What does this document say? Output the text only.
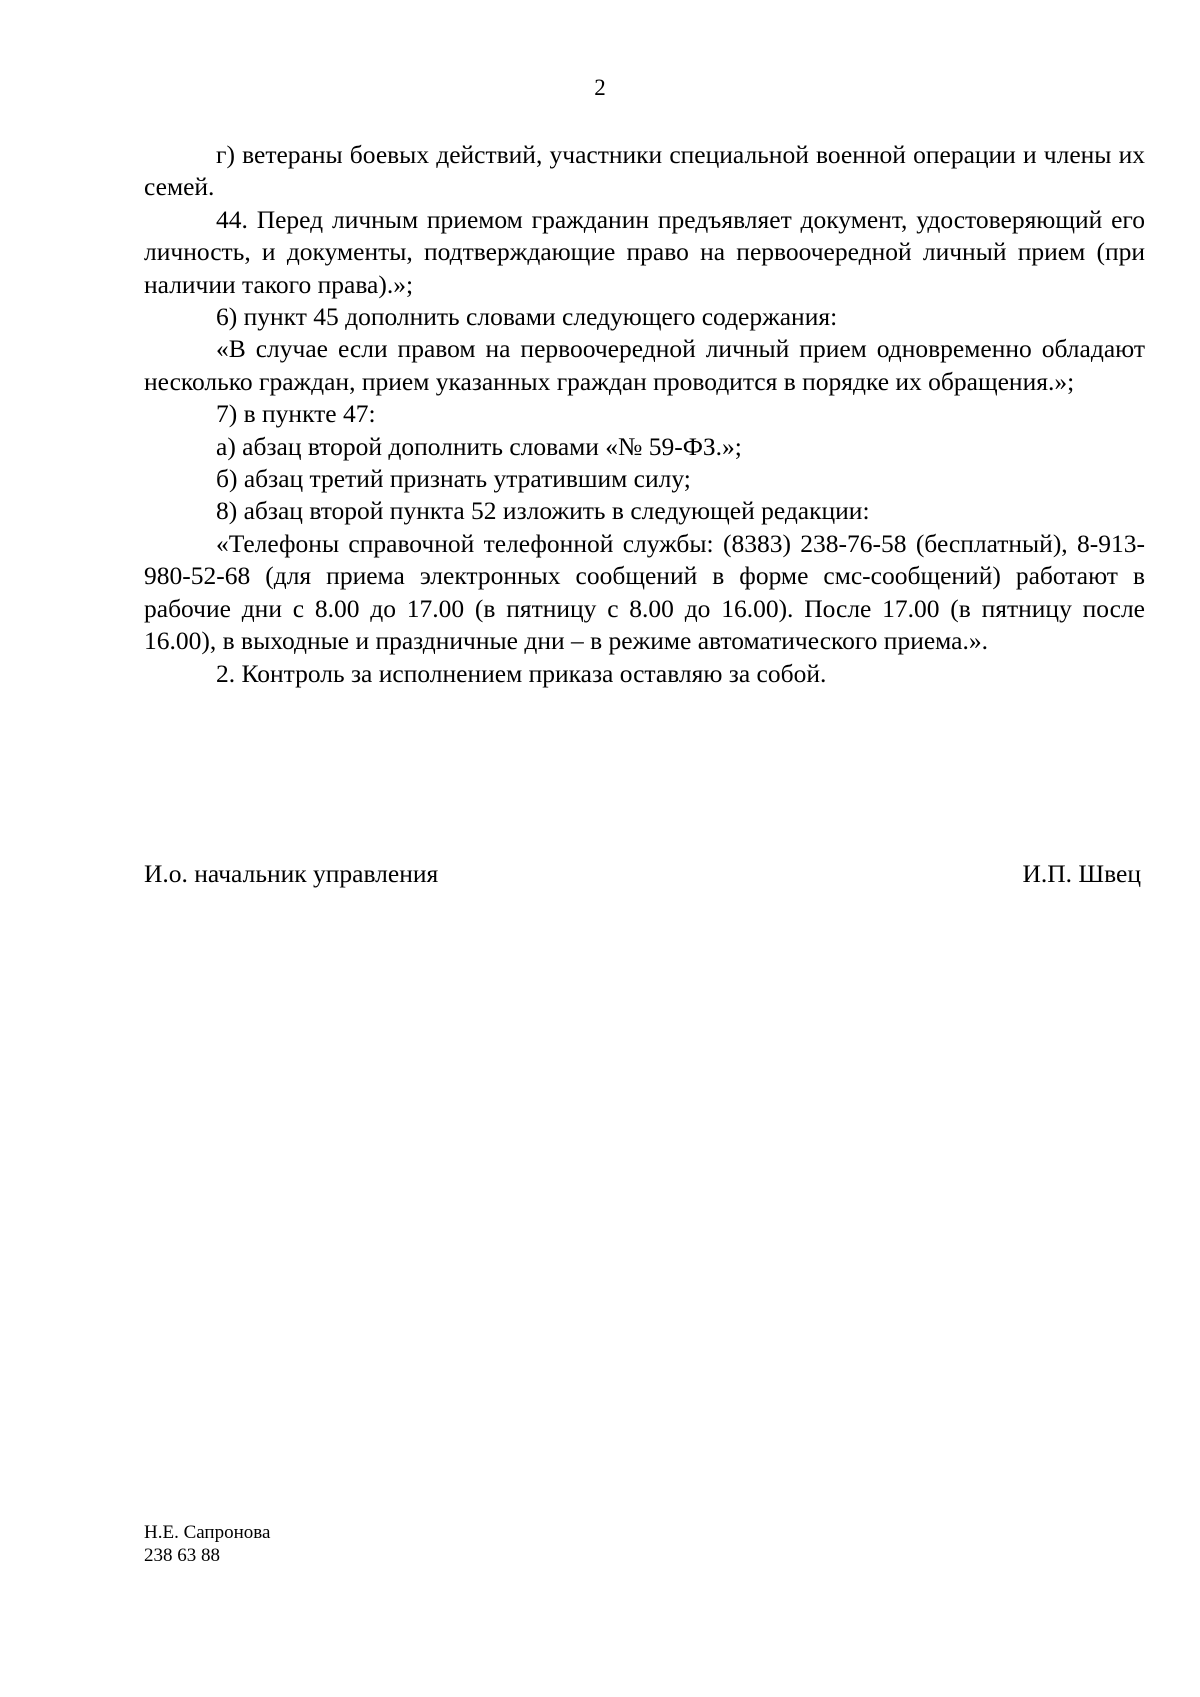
2

г) ветераны боевых действий, участники специальной военной операции и члены их семей.

44. Перед личным приемом гражданин предъявляет документ, удостоверяющий его личность, и документы, подтверждающие право на первоочередной личный прием (при наличии такого права).»;

6) пункт 45 дополнить словами следующего содержания:

«В случае если правом на первоочередной личный прием одновременно обладают несколько граждан, прием указанных граждан проводится в порядке их обращения.»;

7) в пункте 47:

а) абзац второй дополнить словами «№ 59-ФЗ.»;

б) абзац третий признать утратившим силу;

8) абзац второй пункта 52 изложить в следующей редакции:

«Телефоны справочной телефонной службы: (8383) 238-76-58 (бесплатный), 8-913-980-52-68 (для приема электронных сообщений в форме смс-сообщений) работают в рабочие дни с 8.00 до 17.00 (в пятницу с 8.00 до 16.00). После 17.00 (в пятницу после 16.00), в выходные и праздничные дни – в режиме автоматического приема.».

2. Контроль за исполнением приказа оставляю за собой.

И.о. начальник управления	И.П. Швец
Н.Е. Сапронова
238 63 88
